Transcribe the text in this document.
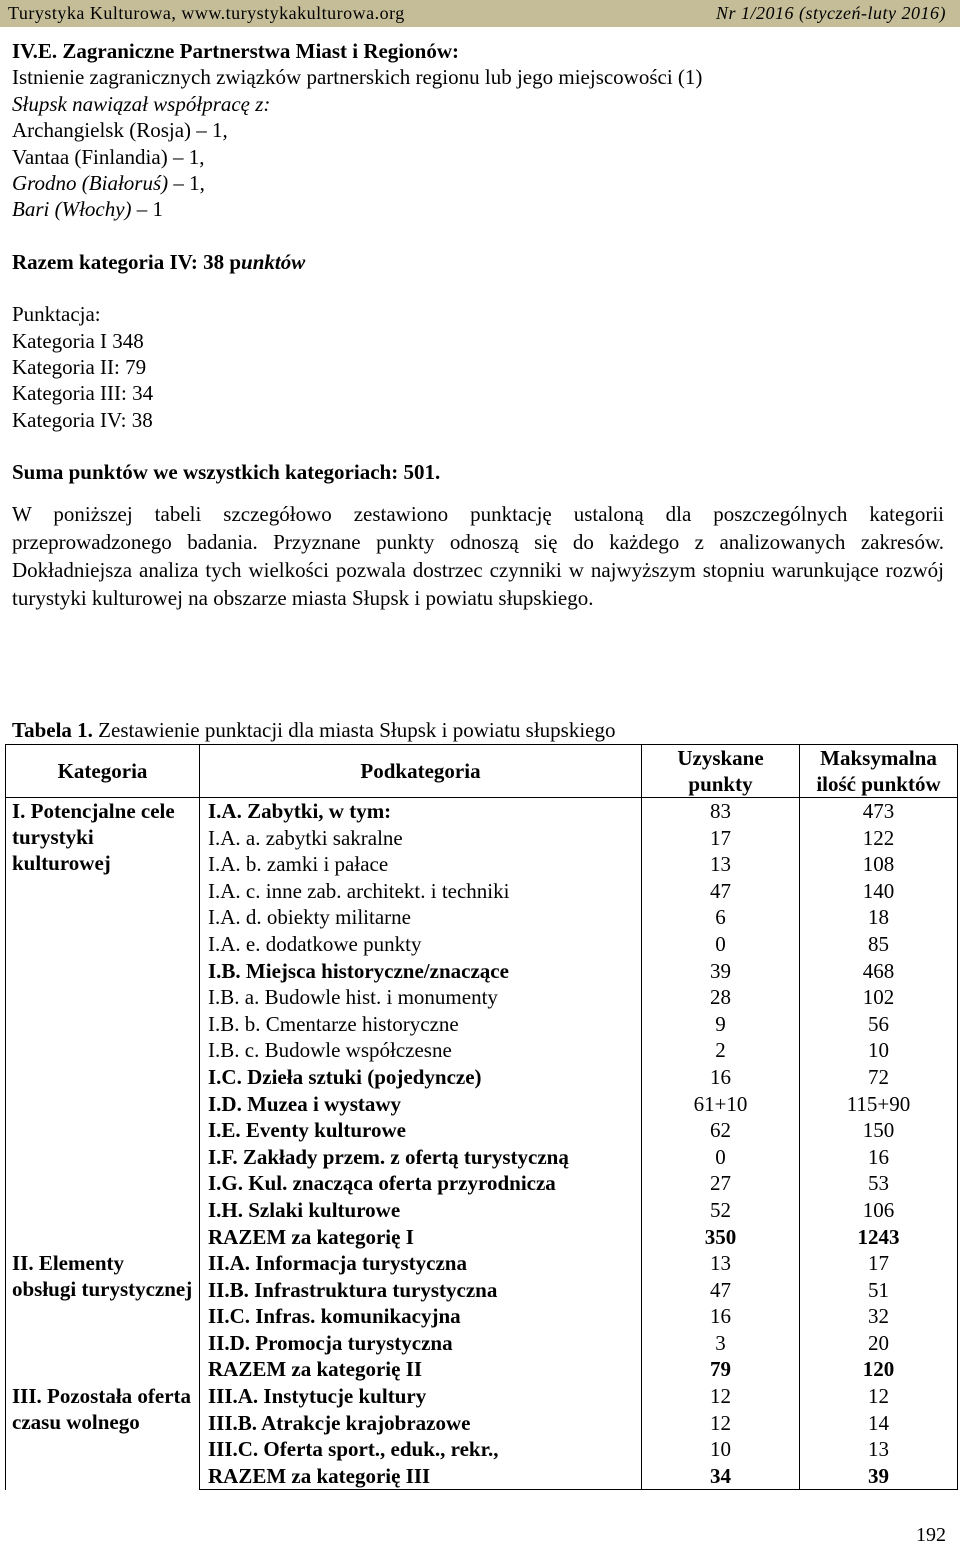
Turystyka Kulturowa, www.turystykakulturowa.org	Nr 1/2016 (styczeń-luty 2016)
IV.E. Zagraniczne Partnerstwa Miast i Regionów:
Istnienie zagranicznych związków partnerskich regionu lub jego miejscowości (1)
Słupsk nawiązał współpracę z:
Archangielsk (Rosja) – 1,
Vantaa (Finlandia) – 1,
Grodno (Białoruś) – 1,
Bari (Włochy) – 1
Razem kategoria IV: 38 punktów
Punktacja:
Kategoria I 348
Kategoria II: 79
Kategoria III: 34
Kategoria IV: 38
Suma punktów we wszystkich kategoriach: 501.
W poniższej tabeli szczegółowo zestawiono punktację ustaloną dla poszczególnych kategorii przeprowadzonego badania. Przyznane punkty odnoszą się do każdego z analizowanych zakresów. Dokładniejsza analiza tych wielkości pozwala dostrzec czynniki w najwyższym stopniu warunkujące rozwój turystyki kulturowej na obszarze miasta Słupsk i powiatu słupskiego.
Tabela 1. Zestawienie punktacji dla miasta Słupsk i powiatu słupskiego
Kategoria	Podkategoria	Uzyskane punkty	Maksymalna ilość punktów
I. Potencjalne cele turystyki kulturowej	I.A. Zabytki, w tym:	83	473
	I.A. a. zabytki sakralne	17	122
	I.A. b. zamki i pałace	13	108
	I.A. c. inne zab. architekt. i techniki	47	140
	I.A. d. obiekty militarne	6	18
	I.A. e. dodatkowe punkty	0	85
	I.B. Miejsca historyczne/znaczące	39	468
	I.B. a. Budowle hist. i monumenty	28	102
	I.B. b. Cmentarze historyczne	9	56
	I.B. c. Budowle współczesne	2	10
	I.C. Dzieła sztuki (pojedyncze)	16	72
	I.D. Muzea i wystawy	61+10	115+90
	I.E. Eventy kulturowe	62	150
	I.F. Zakłady przem. z ofertą turystyczną	0	16
	I.G. Kul. znacząca oferta przyrodnicza	27	53
	I.H. Szlaki kulturowe	52	106
	RAZEM za kategorię I	350	1243
II. Elementy obsługi turystycznej	II.A. Informacja turystyczna	13	17
	II.B. Infrastruktura turystyczna	47	51
	II.C. Infras. komunikacyjna	16	32
	II.D. Promocja turystyczna	3	20
	RAZEM za kategorię II	79	120
III. Pozostała oferta czasu wolnego	III.A. Instytucje kultury	12	12
	III.B. Atrakcje krajobrazowe	12	14
	III.C. Oferta sport., eduk., rekr.,	10	13
	RAZEM za kategorię III	34	39
192
